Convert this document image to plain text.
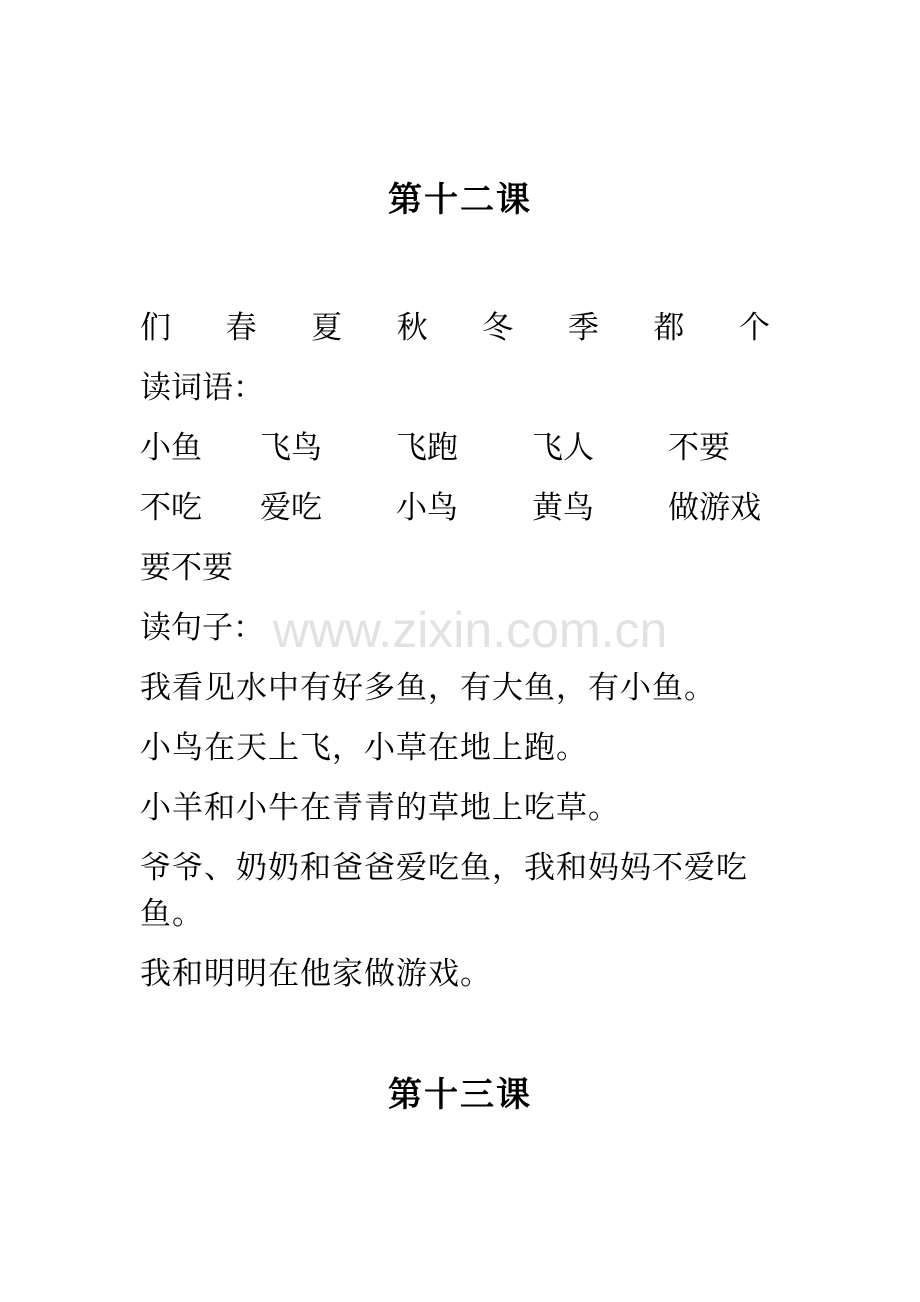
第十二课
们 春 夏 秋 冬 季 都 个
读词语：
小鱼 飞鸟 飞跑 飞人 不要
不吃 爱吃 小鸟 黄鸟 做游戏
要不要
读句子：
我看见水中有好多鱼，有大鱼，有小鱼。
小鸟在天上飞，小草在地上跑。
小羊和小牛在青青的草地上吃草。
爷爷、奶奶和爸爸爱吃鱼，我和妈妈不爱吃鱼。
我和明明在他家做游戏。
第十三课
www.zixin.com.cn
